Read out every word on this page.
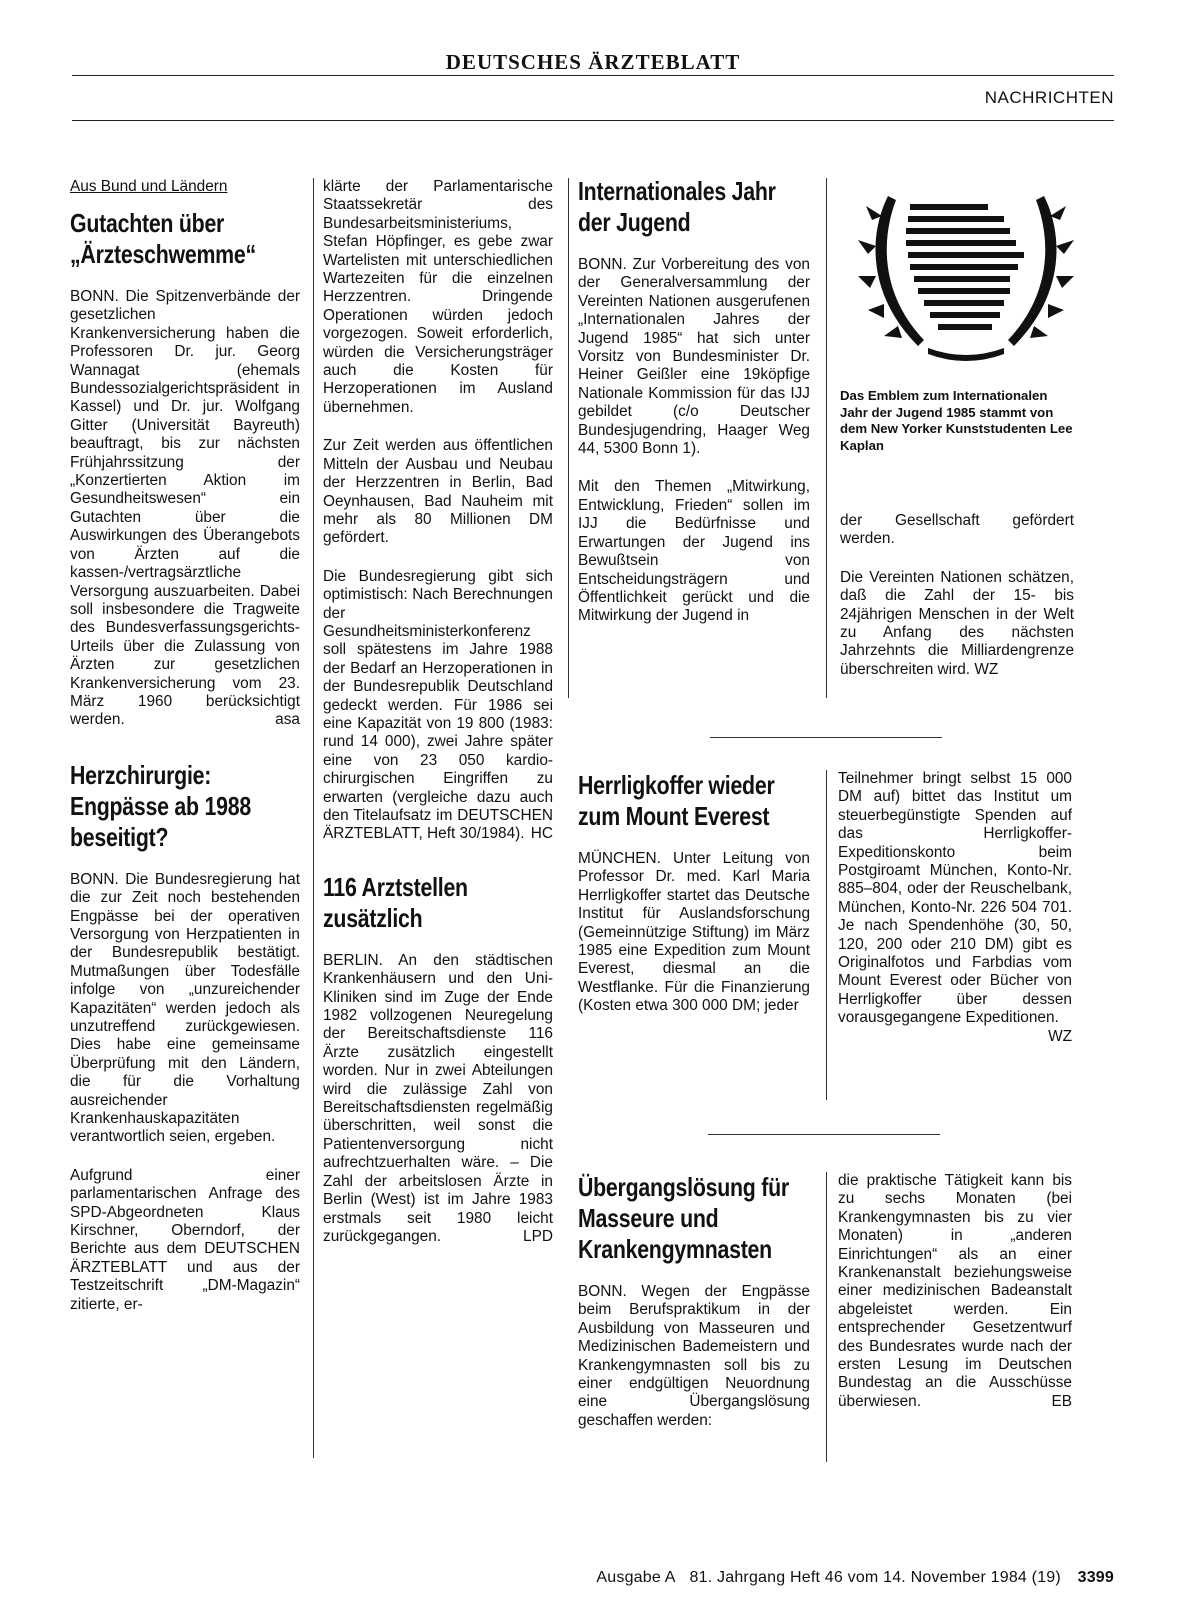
DEUTSCHES ÄRZTEBLATT
NACHRICHTEN
Aus Bund und Ländern
Gutachten über „Ärzteschwemme“

BONN. Die Spitzenverbände der gesetzlichen Krankenversicherung haben die Professoren Dr. jur. Georg Wannagat (ehemals Bundessozialgerichtspräsident in Kassel) und Dr. jur. Wolfgang Gitter (Universität Bayreuth) beauftragt, bis zur nächsten Frühjahrssitzung der „Konzertierten Aktion im Gesundheitswesen“ ein Gutachten über die Auswirkungen des Überangebots von Ärzten auf die kassen-/vertragsärztliche Versorgung auszuarbeiten. Dabei soll insbesondere die Tragweite des Bundesverfassungsgerichts-Urteils über die Zulassung von Ärzten zur gesetzlichen Krankenversicherung vom 23. März 1960 berücksichtigt werden.	asa

Herzchirurgie: Engpässe ab 1988 beseitigt?

BONN. Die Bundesregierung hat die zur Zeit noch bestehenden Engpässe bei der operativen Versorgung von Herzpatienten in der Bundesrepublik bestätigt. Mutmaßungen über Todesfälle infolge von „unzureichender Kapazitäten“ werden jedoch als unzutreffend zurückgewiesen. Dies habe eine gemeinsame Überprüfung mit den Ländern, die für die Vorhaltung ausreichender Krankenhauskapazitäten verantwortlich seien, ergeben.

Aufgrund einer parlamentarischen Anfrage des SPD-Abgeordneten Klaus Kirschner, Oberndorf, der Berichte aus dem DEUTSCHEN ÄRZTEBLATT und aus der Testzeitschrift „DM-Magazin“ zitierte, er-

klärte der Parlamentarische Staatssekretär des Bundesarbeitsministeriums, Stefan Höpfinger, es gebe zwar Wartelisten mit unterschiedlichen Wartezeiten für die einzelnen Herzzentren. Dringende Operationen würden jedoch vorgezogen. Soweit erforderlich, würden die Versicherungsträger auch die Kosten für Herzoperationen im Ausland übernehmen.

Zur Zeit werden aus öffentlichen Mitteln der Ausbau und Neubau der Herzzentren in Berlin, Bad Oeynhausen, Bad Nauheim mit mehr als 80 Millionen DM gefördert.

Die Bundesregierung gibt sich optimistisch: Nach Berechnungen der Gesundheitsministerkonferenz soll spätestens im Jahre 1988 der Bedarf an Herzoperationen in der Bundesrepublik Deutschland gedeckt werden. Für 1986 sei eine Kapazität von 19 800 (1983: rund 14 000), zwei Jahre später eine von 23 050 kardio-chirurgischen Eingriffen zu erwarten (vergleiche dazu auch den Titelaufsatz im DEUTSCHEN ÄRZTEBLATT, Heft 30/1984). HC

116 Arztstellen zusätzlich

BERLIN. An den städtischen Krankenhäusern und den Uni-Kliniken sind im Zuge der Ende 1982 vollzogenen Neuregelung der Bereitschaftsdienste 116 Ärzte zusätzlich eingestellt worden. Nur in zwei Abteilungen wird die zulässige Zahl von Bereitschaftsdiensten regelmäßig überschritten, weil sonst die Patientenversorgung nicht aufrechtzuerhalten wäre. – Die Zahl der arbeitslosen Ärzte in Berlin (West) ist im Jahre 1983 erstmals seit 1980 leicht zurückgegangen.	LPD

Internationales Jahr der Jugend

BONN. Zur Vorbereitung des von der Generalversammlung der Vereinten Nationen ausgerufenen „Internationalen Jahres der Jugend 1985“ hat sich unter Vorsitz von Bundesminister Dr. Heiner Geißler eine 19köpfige Nationale Kommission für das IJJ gebildet (c/o Deutscher Bundesjugendring, Haager Weg 44, 5300 Bonn 1).

Mit den Themen „Mitwirkung, Entwicklung, Frieden“ sollen im IJJ die Bedürfnisse und Erwartungen der Jugend ins Bewußtsein von Entscheidungsträgern und Öffentlichkeit gerückt und die Mitwirkung der Jugend in

Das Emblem zum Internationalen Jahr der Jugend 1985 stammt von dem New Yorker Kunststudenten Lee Kaplan

der Gesellschaft gefördert werden.

Die Vereinten Nationen schätzen, daß die Zahl der 15- bis 24jährigen Menschen in der Welt zu Anfang des nächsten Jahrzehnts die Milliardengrenze überschreiten wird. WZ

Herrligkoffer wieder zum Mount Everest

MÜNCHEN. Unter Leitung von Professor Dr. med. Karl Maria Herrligkoffer startet das Deutsche Institut für Auslandsforschung (Gemeinnützige Stiftung) im März 1985 eine Expedition zum Mount Everest, diesmal an die Westflanke. Für die Finanzierung (Kosten etwa 300 000 DM; jeder

Teilnehmer bringt selbst 15 000 DM auf) bittet das Institut um steuerbegünstigte Spenden auf das Herrligkoffer-Expeditionskonto beim Postgiroamt München, Konto-Nr. 885–804, oder der Reuschelbank, München, Konto-Nr. 226 504 701. Je nach Spendenhöhe (30, 50, 120, 200 oder 210 DM) gibt es Originalfotos und Farbdias vom Mount Everest oder Bücher von Herrligkoffer über dessen vorausgegangene Expeditionen.
WZ

Übergangslösung für Masseure und Krankengymnasten

BONN. Wegen der Engpässe beim Berufspraktikum in der Ausbildung von Masseuren und Medizinischen Bademeistern und Krankengymnasten soll bis zu einer endgültigen Neuordnung eine Übergangslösung geschaffen werden:

die praktische Tätigkeit kann bis zu sechs Monaten (bei Krankengymnasten bis zu vier Monaten) in „anderen Einrichtungen“ als an einer Krankenanstalt beziehungsweise einer medizinischen Badeanstalt abgeleistet werden. Ein entsprechender Gesetzentwurf des Bundesrates wurde nach der ersten Lesung im Deutschen Bundestag an die Ausschüsse überwiesen.	EB

Ausgabe A 81. Jahrgang Heft 46 vom 14. November 1984 (19) 3399
